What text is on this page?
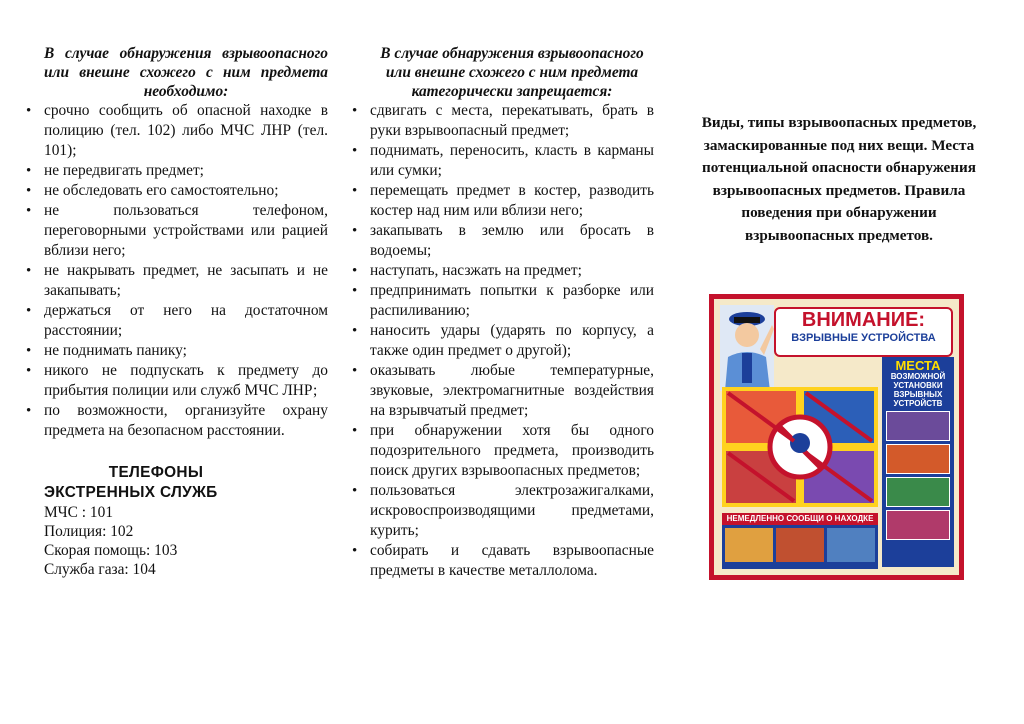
В случае обнаружения взрывоопасного или внешне схожего с ним предмета необходимо:

• срочно сообщить об опасной находке в полицию (тел. 102) либо МЧС ЛНР (тел. 101);
• не передвигать предмет;
• не обследовать его самостоятельно;
• не пользоваться телефоном, переговорными устройствами или рацией вблизи него;
• не накрывать предмет, не засыпать и не закапывать;
• держаться от него на достаточном расстоянии;
• не поднимать панику;
• никого не подпускать к предмету до прибытия полиции или служб МЧС ЛНР;
• по возможности, организуйте охрану предмета на безопасном расстоянии.
ТЕЛЕФОНЫ
ЭКСТРЕННЫХ СЛУЖБ
МЧС : 101
Полиция: 102
Скорая помощь: 103
Служба газа: 104

В случае обнаружения взрывоопасного или внешне схожего с ним предмета категорически запрещается:

• сдвигать с места, перекатывать, брать в руки взрывоопасный предмет;
• поднимать, переносить, класть в карманы или сумки;
• перемещать предмет в костер, разводить костер над ним или вблизи него;
• закапывать в землю или бросать в водоемы;
• наступать, насзжать на предмет;
• предпринимать попытки к разборке или распиливанию;
• наносить удары (ударять по корпусу, а также один предмет о другой);
• оказывать любые температурные, звуковые, электромагнитные воздействия на взрывчатый предмет;
• при обнаружении хотя бы одного подозрительного предмета, производить поиск других взрывоопасных предметов;
• пользоваться электрозажигалками, искровоспроизводящими предметами, курить;
• собирать и сдавать взрывоопасные предметы в качестве металлолома.
Виды, типы взрывоопасных предметов, замаскированные под них вещи. Места потенциальной опасности обнаружения взрывоопасных предметов. Правила поведения при обнаружении взрывоопасных предметов.
ВНИМАНИЕ:
ВЗРЫВНЫЕ УСТРОЙСТВА
МЕСТА
ВОЗМОЖНОЙ УСТАНОВКИ ВЗРЫВНЫХ УСТРОЙСТВ
НЕМЕДЛЕННО СООБЩИ О НАХОДКЕ
